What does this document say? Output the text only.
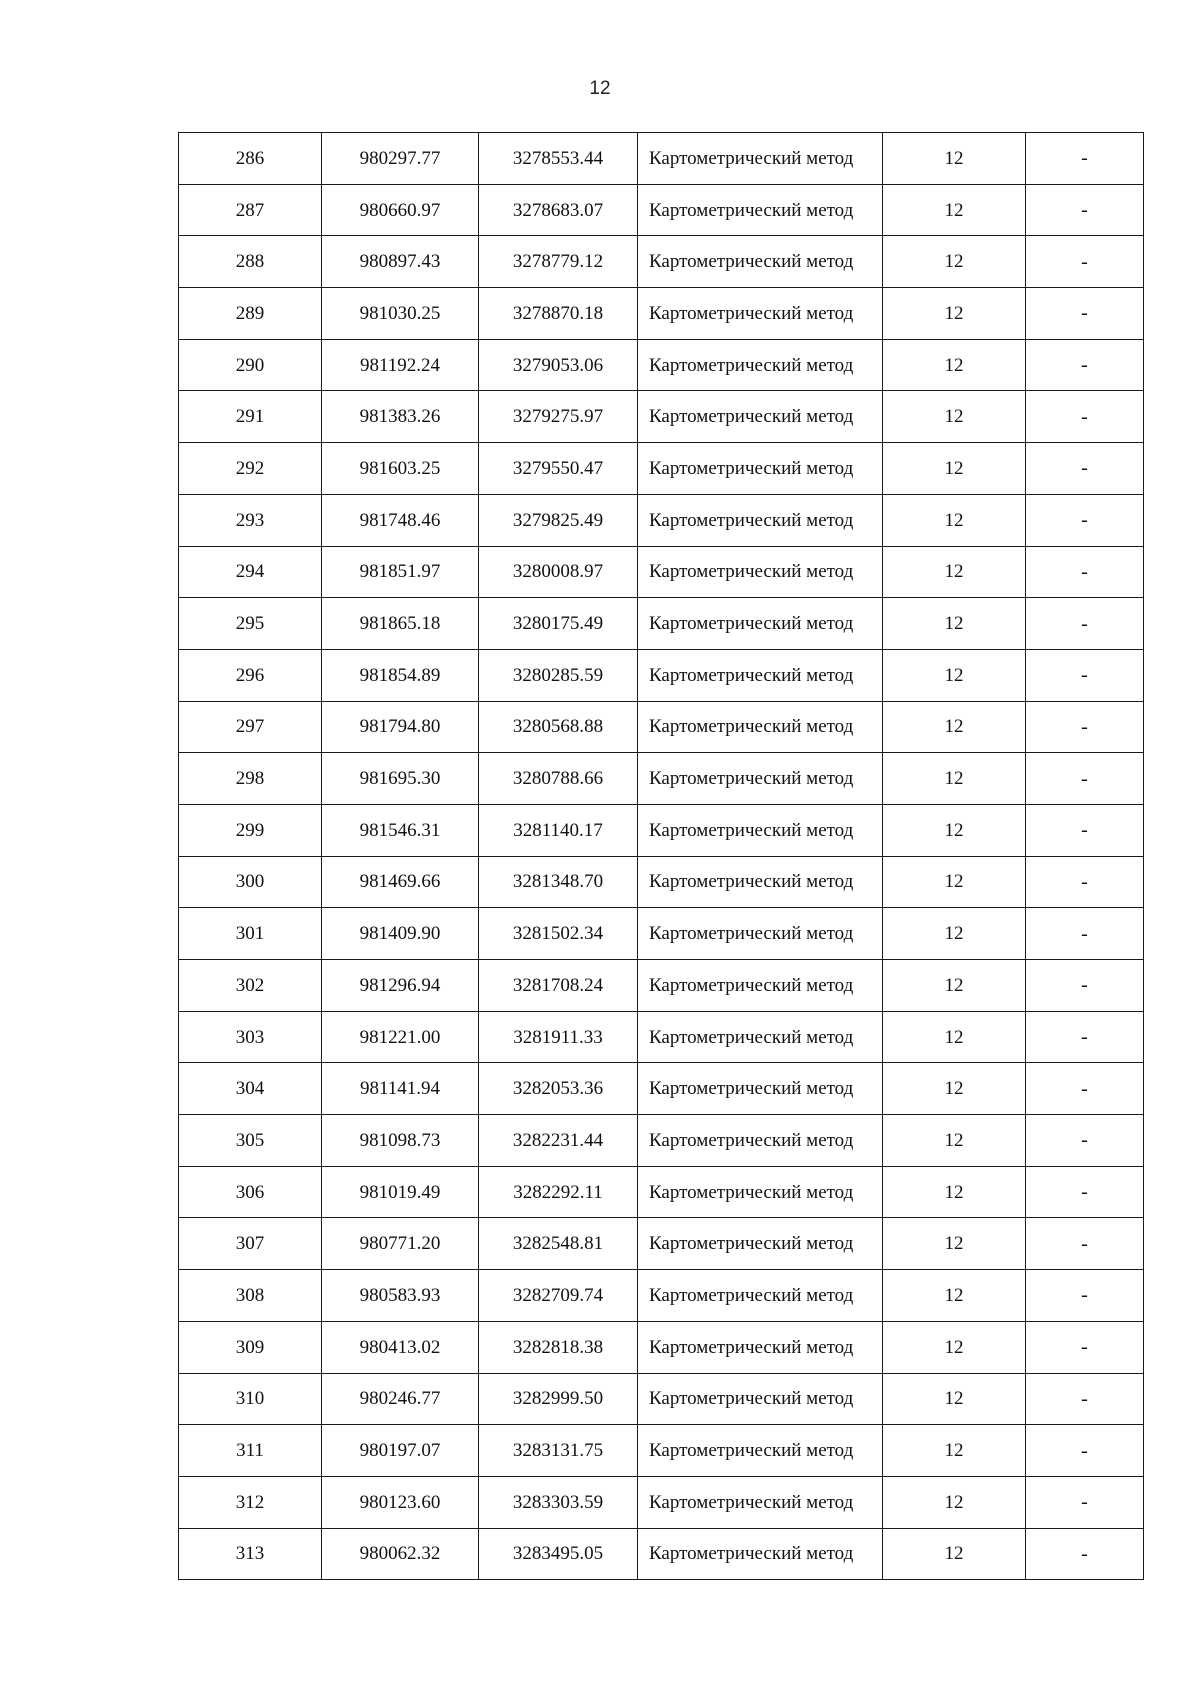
12
286	980297.77	3278553.44	Картометрический метод	12	-
287	980660.97	3278683.07	Картометрический метод	12	-
288	980897.43	3278779.12	Картометрический метод	12	-
289	981030.25	3278870.18	Картометрический метод	12	-
290	981192.24	3279053.06	Картометрический метод	12	-
291	981383.26	3279275.97	Картометрический метод	12	-
292	981603.25	3279550.47	Картометрический метод	12	-
293	981748.46	3279825.49	Картометрический метод	12	-
294	981851.97	3280008.97	Картометрический метод	12	-
295	981865.18	3280175.49	Картометрический метод	12	-
296	981854.89	3280285.59	Картометрический метод	12	-
297	981794.80	3280568.88	Картометрический метод	12	-
298	981695.30	3280788.66	Картометрический метод	12	-
299	981546.31	3281140.17	Картометрический метод	12	-
300	981469.66	3281348.70	Картометрический метод	12	-
301	981409.90	3281502.34	Картометрический метод	12	-
302	981296.94	3281708.24	Картометрический метод	12	-
303	981221.00	3281911.33	Картометрический метод	12	-
304	981141.94	3282053.36	Картометрический метод	12	-
305	981098.73	3282231.44	Картометрический метод	12	-
306	981019.49	3282292.11	Картометрический метод	12	-
307	980771.20	3282548.81	Картометрический метод	12	-
308	980583.93	3282709.74	Картометрический метод	12	-
309	980413.02	3282818.38	Картометрический метод	12	-
310	980246.77	3282999.50	Картометрический метод	12	-
311	980197.07	3283131.75	Картометрический метод	12	-
312	980123.60	3283303.59	Картометрический метод	12	-
313	980062.32	3283495.05	Картометрический метод	12	-
